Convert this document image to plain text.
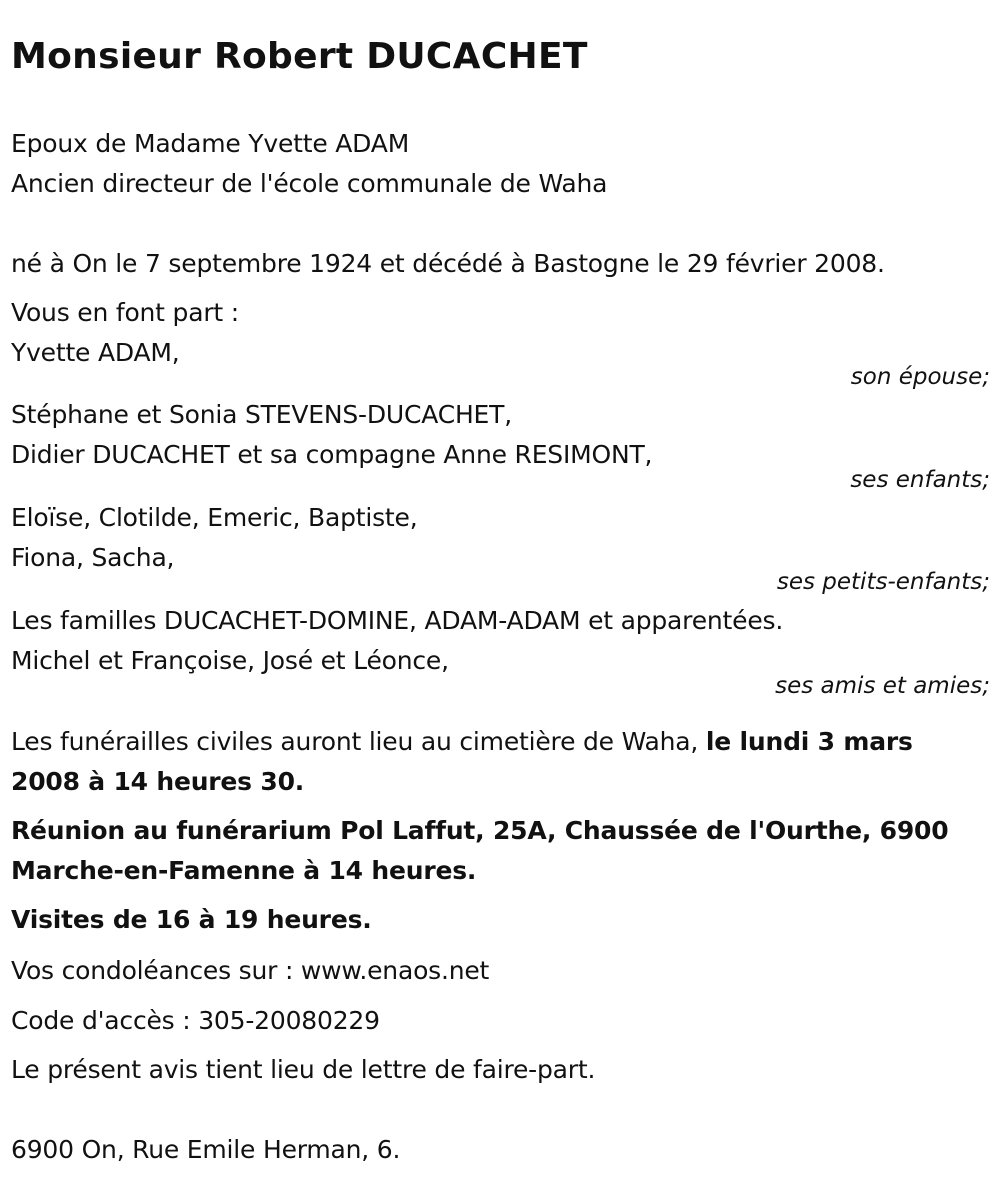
Monsieur Robert DUCACHET
Epoux de Madame Yvette ADAM
Ancien directeur de l'école communale de Waha
né à On le 7 septembre 1924 et décédé à Bastogne le 29 février 2008.
Vous en font part :
Yvette ADAM,
son épouse;
Stéphane et Sonia STEVENS-DUCACHET,
Didier DUCACHET et sa compagne Anne RESIMONT,
ses enfants;
Eloïse, Clotilde, Emeric, Baptiste,
Fiona, Sacha,
ses petits-enfants;
Les familles DUCACHET-DOMINE, ADAM-ADAM et apparentées.
Michel et Françoise, José et Léonce,
ses amis et amies;
Les funérailles civiles auront lieu au cimetière de Waha, le lundi 3 mars
2008 à 14 heures 30.
Réunion au funérarium Pol Laffut, 25A, Chaussée de l'Ourthe, 6900
Marche-en-Famenne à 14 heures.
Visites de 16 à 19 heures.
Vos condoléances sur : www.enaos.net
Code d'accès : 305-20080229
Le présent avis tient lieu de lettre de faire-part.
6900 On, Rue Emile Herman, 6.
